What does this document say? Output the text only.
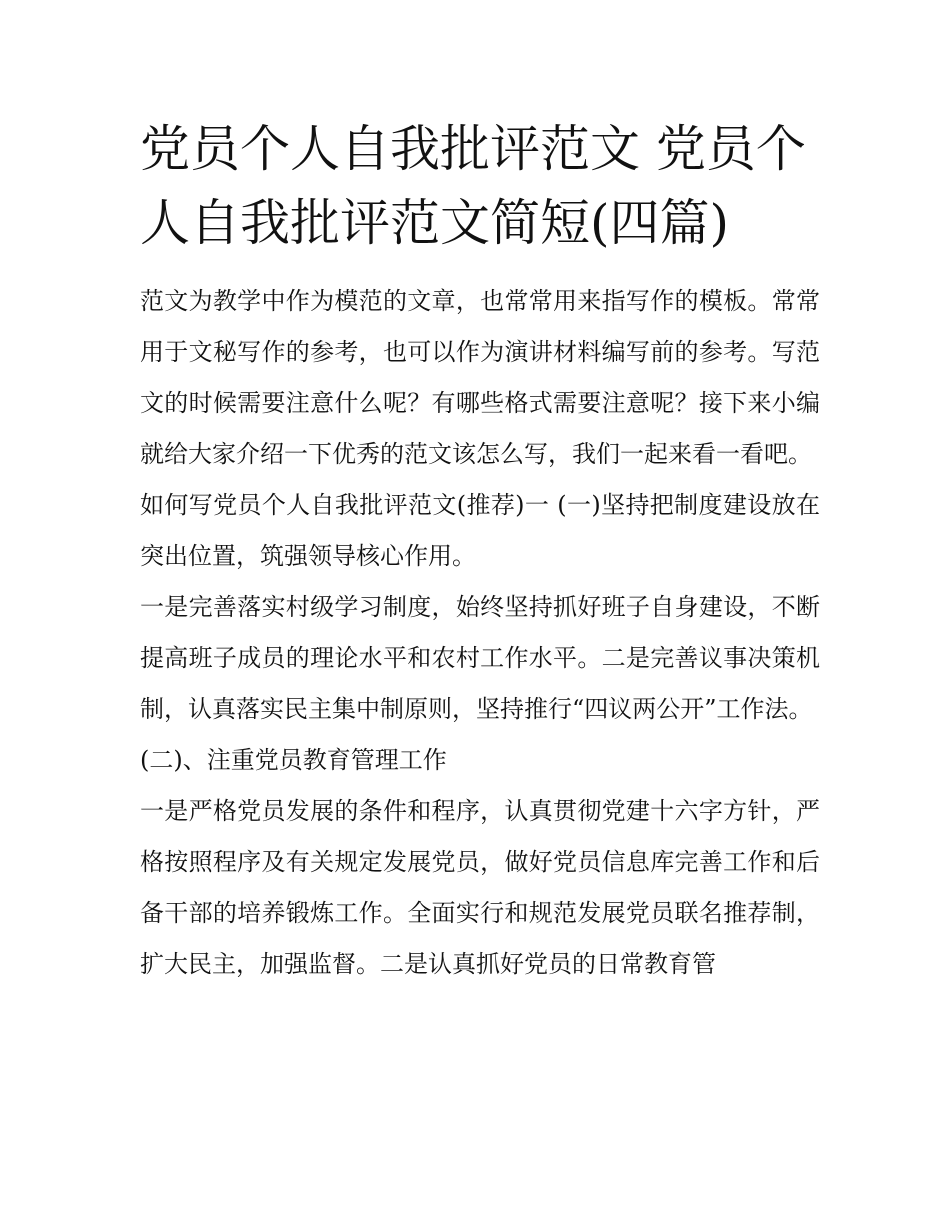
党员个人自我批评范文 党员个人自我批评范文简短(四篇)

范文为教学中作为模范的文章，也常常用来指写作的模板。常常用于文秘写作的参考，也可以作为演讲材料编写前的参考。写范文的时候需要注意什么呢？有哪些格式需要注意呢？接下来小编就给大家介绍一下优秀的范文该怎么写，我们一起来看一看吧。

如何写党员个人自我批评范文(推荐)一 (一)坚持把制度建设放在突出位置，筑强领导核心作用。

一是完善落实村级学习制度，始终坚持抓好班子自身建设，不断提高班子成员的理论水平和农村工作水平。二是完善议事决策机制，认真落实民主集中制原则，坚持推行“四议两公开”工作法。

(二)、注重党员教育管理工作

一是严格党员发展的条件和程序，认真贯彻党建十六字方针，严格按照程序及有关规定发展党员，做好党员信息库完善工作和后备干部的培养锻炼工作。全面实行和规范发展党员联名推荐制，扩大民主，加强监督。二是认真抓好党员的日常教育管
